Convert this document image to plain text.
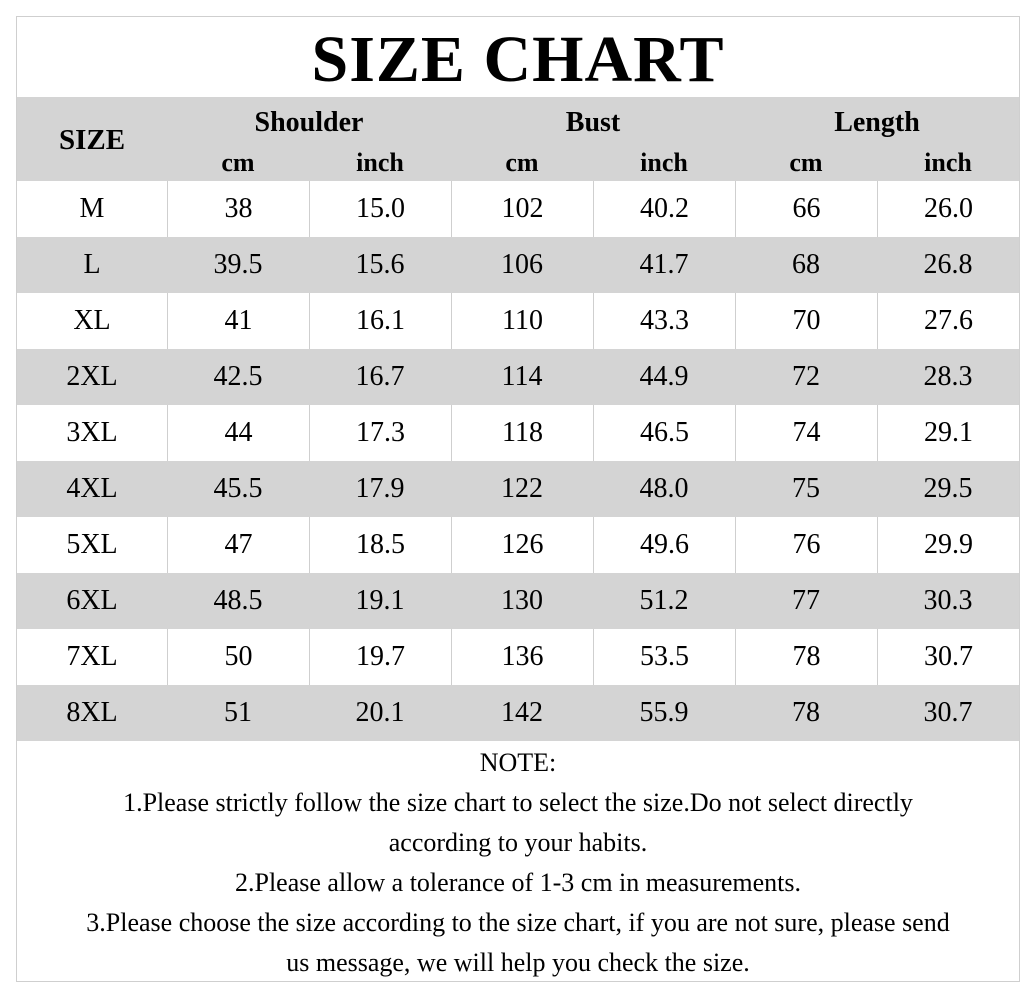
SIZE CHART
SIZE
Shoulder	Bust	Length
cm	inch	cm	inch	cm	inch
M	38	15.0	102	40.2	66	26.0
L	39.5	15.6	106	41.7	68	26.8
XL	41	16.1	110	43.3	70	27.6
2XL	42.5	16.7	114	44.9	72	28.3
3XL	44	17.3	118	46.5	74	29.1
4XL	45.5	17.9	122	48.0	75	29.5
5XL	47	18.5	126	49.6	76	29.9
6XL	48.5	19.1	130	51.2	77	30.3
7XL	50	19.7	136	53.5	78	30.7
8XL	51	20.1	142	55.9	78	30.7
NOTE:
1.Please strictly follow the size chart to select the size.Do not select directly
according to your habits.
2.Please allow a tolerance of 1-3 cm in measurements.
3.Please choose the size according to the size chart, if you are not sure, please send
us message, we will help you check the size.
